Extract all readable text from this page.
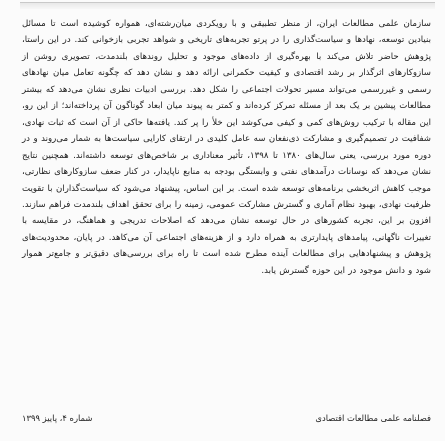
سازمان علمی مطالعات ایران، از منظر تطبیقی و با رویکردی میان‌رشته‌ای، همواره کوشیده است تا مسائل بنیادین توسعه، نهادها و سیاست‌گذاری را در پرتو تجربه‌های تاریخی و شواهد تجربی بازخوانی کند. در این راستا، پژوهش حاضر تلاش می‌کند با بهره‌گیری از داده‌های موجود و تحلیل روندهای بلندمدت، تصویری روشن از سازوکارهای اثرگذار بر رشد اقتصادی و کیفیت حکمرانی ارائه دهد و نشان دهد که چگونه تعامل میان نهادهای رسمی و غیررسمی می‌تواند مسیر تحولات اجتماعی را شکل دهد. بررسی ادبیات نظری نشان می‌دهد که بیشتر مطالعات پیشین بر یک بعد از مسئله تمرکز کرده‌اند و کمتر به پیوند میان ابعاد گوناگون آن پرداخته‌اند؛ از این رو، این مقاله با ترکیب روش‌های کمی و کیفی می‌کوشد این خلأ را پر کند. یافته‌ها حاکی از آن است که ثبات نهادی، شفافیت در تصمیم‌گیری و مشارکت ذی‌نفعان سه عامل کلیدی در ارتقای کارایی سیاست‌ها به شمار می‌روند و در دوره مورد بررسی، یعنی سال‌های ۱۳۸۰ تا ۱۳۹۸، تأثیر معناداری بر شاخص‌های توسعه داشته‌اند. همچنین نتایج نشان می‌دهد که نوسانات درآمدهای نفتی و وابستگی بودجه به منابع ناپایدار، در کنار ضعف سازوکارهای نظارتی، موجب کاهش اثربخشی برنامه‌های توسعه شده است. بر این اساس، پیشنهاد می‌شود که سیاست‌گذاران با تقویت ظرفیت نهادی، بهبود نظام آماری و گسترش مشارکت عمومی، زمینه را برای تحقق اهداف بلندمدت فراهم سازند. افزون بر این، تجربه کشورهای در حال توسعه نشان می‌دهد که اصلاحات تدریجی و هماهنگ، در مقایسه با تغییرات ناگهانی، پیامدهای پایدارتری به همراه دارد و از هزینه‌های اجتماعی آن می‌کاهد. در پایان، محدودیت‌های پژوهش و پیشنهادهایی برای مطالعات آینده مطرح شده است تا راه برای بررسی‌های دقیق‌تر و جامع‌تر هموار شود و دانش موجود در این حوزه گسترش یابد.

فصلنامه علمی مطالعات اقتصادی
شماره ۴، پاییز ۱۳۹۹
